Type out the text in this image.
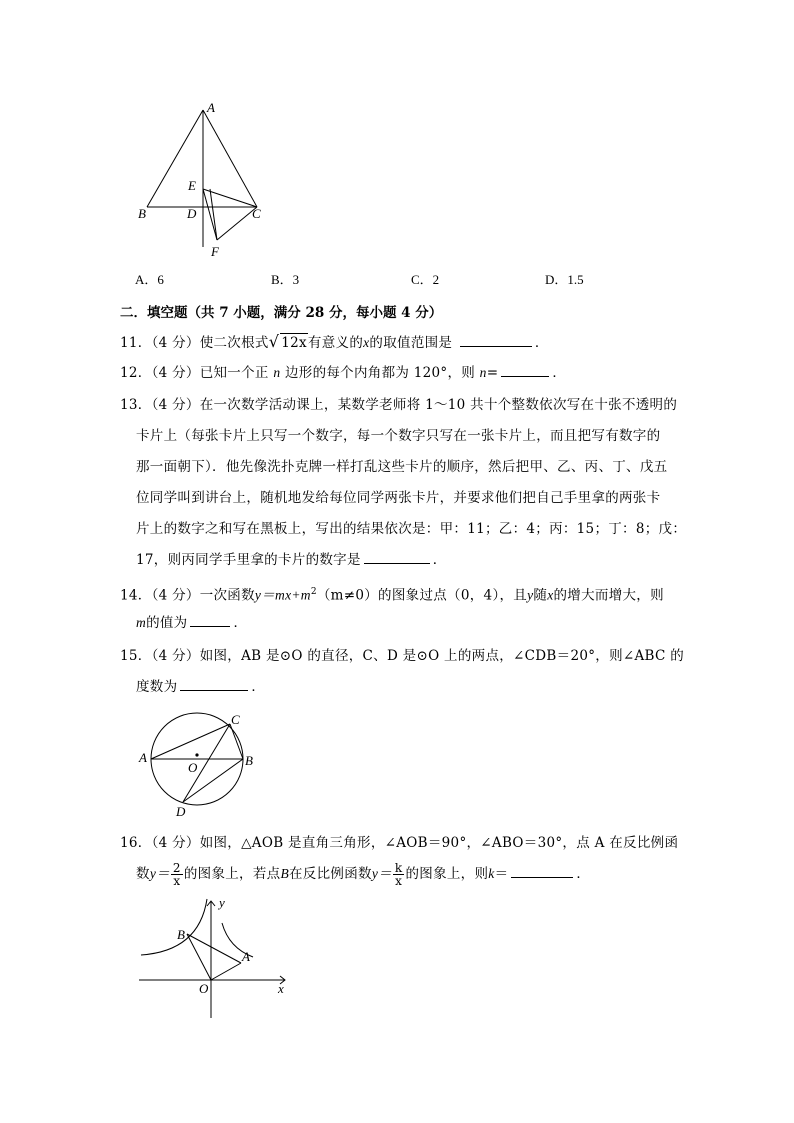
A
E
B	D	C
F
A．6	B．3	C．2	D．1.5
二．填空题（共 7 小题，满分 28 分，每小题 4 分）
11．（4 分）使二次根式√ 12x有意义的x的取值范围是	．
12．（4 分）已知一个正 n 边形的每个内角都为 120°，则 n=	．
13．（4 分）在一次数学活动课上，某数学老师将 1～10 共十个整数依次写在十张不透明的
卡片上（每张卡片上只写一个数字，每一个数字只写在一张卡片上，而且把写有数字的
那一面朝下）．他先像洗扑克牌一样打乱这些卡片的顺序，然后把甲、乙、丙、丁、戊五
位同学叫到讲台上，随机地发给每位同学两张卡片，并要求他们把自己手里拿的两张卡
片上的数字之和写在黑板上，写出的结果依次是：甲：11；乙：4；丙：15；丁：8；戊：
17，则丙同学手里拿的卡片的数字是	．
14．（4 分）一次函数$y=mx+m^2(m\ne 0)$的图象过点（0，4），且y随x的增大而增大，则
m的值为	．
15．（4 分）如图，AB 是⊙O 的直径，C、D 是⊙O 上的两点，∠CDB＝20°，则∠ABC 的
度数为	．
A
C
O	B
D
16．（4 分）如图，△AOB 是直角三角形，∠AOB＝90°，∠ABO＝30°，点 A 在反比例函
数$y= \frac{2}{x}$ 的图象上，若点B在反比例函数$y= \frac{k}{x}$ 的图象上，则k＝	．
y
B
A
O	x
